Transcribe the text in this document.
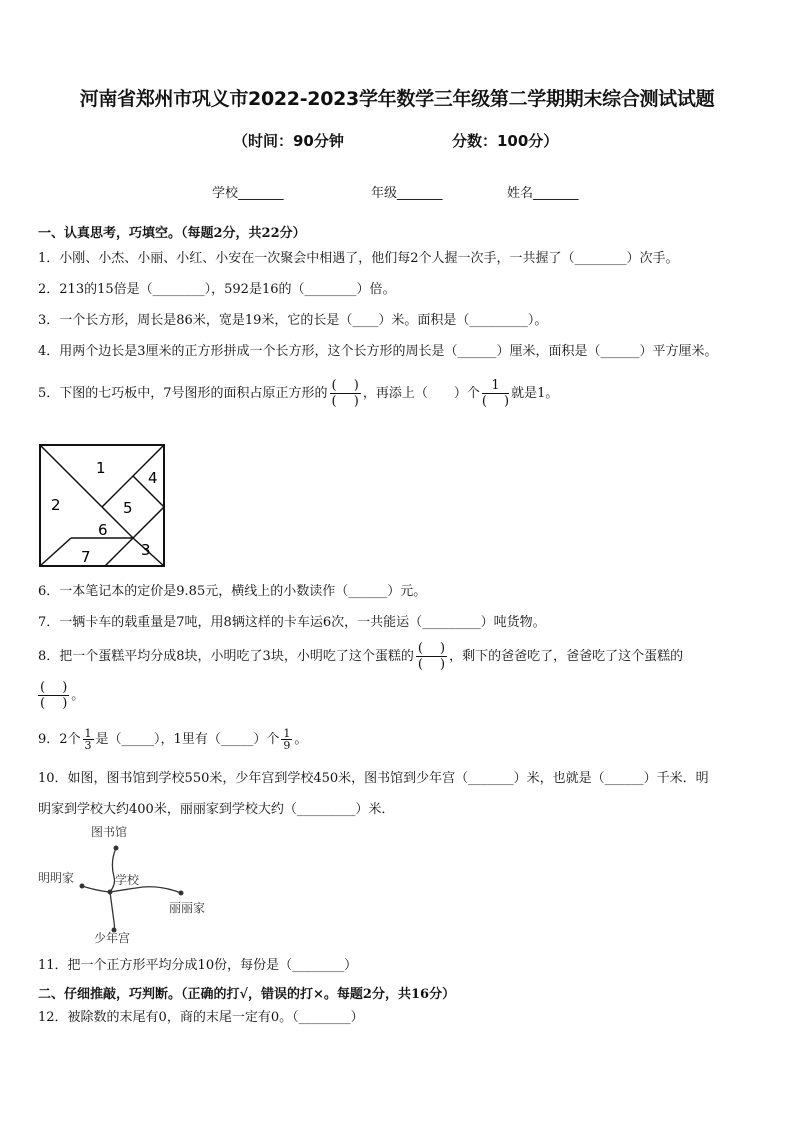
河南省郑州市巩义市2022-2023学年数学三年级第二学期期末综合测试试题
（时间：90分钟	分数：100分）
学校_______	年级_______	姓名_______
一、认真思考，巧填空。（每题2分，共22分）
1．小刚、小杰、小丽、小红、小安在一次聚会中相遇了，他们每2个人握一次手，一共握了（________）次手。
2．213的15倍是（________），592是16的（________）倍。
3．一个长方形，周长是86米，宽是19米，它的长是（____）米。面积是（_________）。
4．用两个边长是3厘米的正方形拼成一个长方形，这个长方形的周长是（______）厘米，面积是（______）平方厘米。
5．下图的七巧板中，7号图形的面积占原正方形的 $\frac{( )}{( )}$ ，再添上（　　）个 $\frac{1}{( )}$ 就是1。
1
2
3
4
5
6
7
6．一本笔记本的定价是9.85元，横线上的小数读作（______）元。
7．一辆卡车的载重量是7吨，用8辆这样的卡车运6次，一共能运（_________）吨货物。
8．把一个蛋糕平均分成8块，小明吃了3块，小明吃了这个蛋糕的 $\frac{( )}{( )}$ ，剩下的爸爸吃了，爸爸吃了这个蛋糕的
$\frac{( )}{( )}$ 。
9．2个 $\frac{1}{3}$ 是（_____），1里有（_____）个 $\frac{1}{9}$ 。
10．如图，图书馆到学校550米，少年宫到学校450米，图书馆到少年宫（_______）米，也就是（______）千米．明
明家到学校大约400米，丽丽家到学校大约（_________）米．
图书馆
学校
明明家
丽丽家
少年宫
11．把一个正方形平均分成10份，每份是（________）
二、仔细推敲，巧判断。（正确的打√，错误的打×。每题2分，共16分）
12．被除数的末尾有0，商的末尾一定有0。（________）
